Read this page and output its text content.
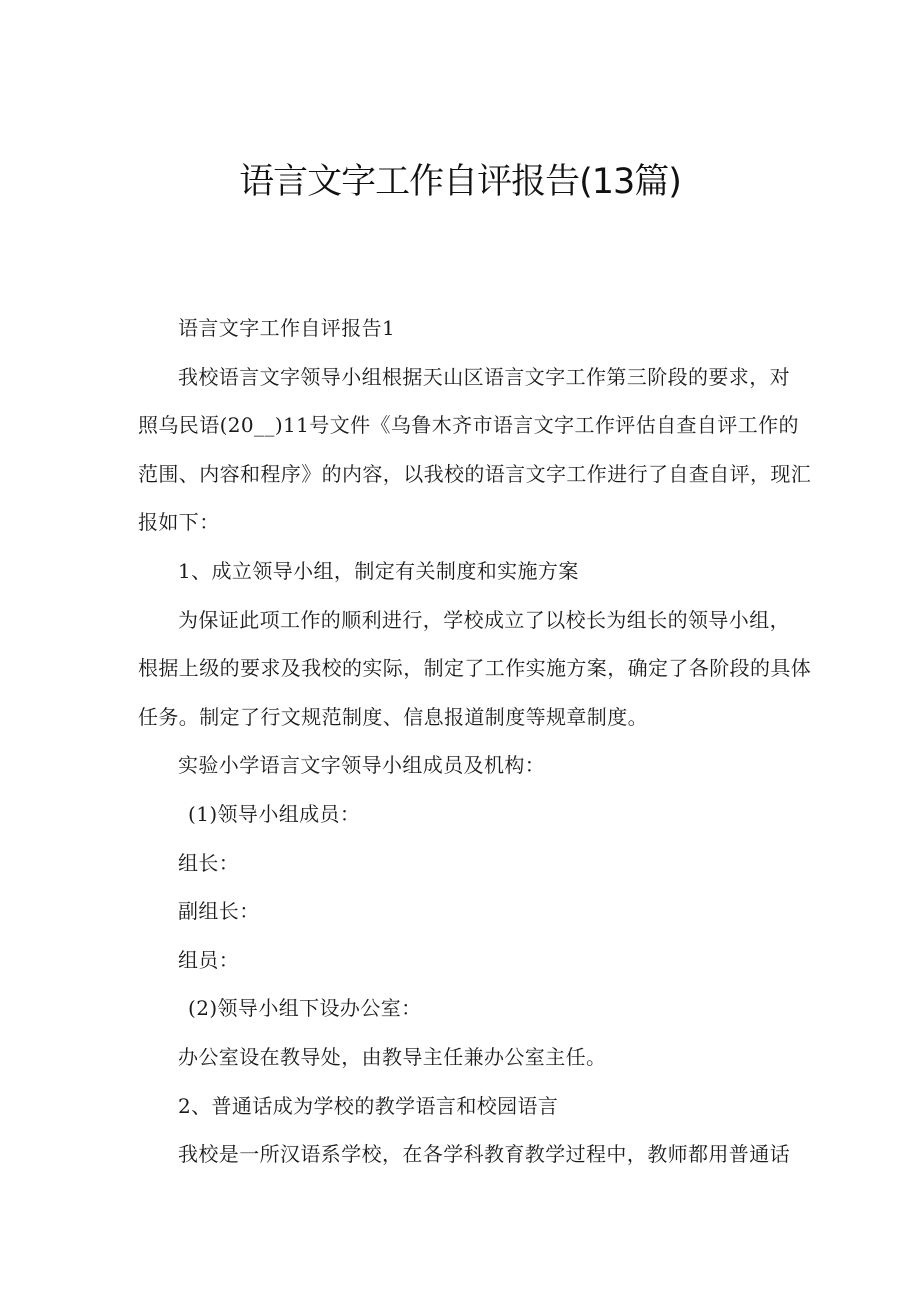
语言文字工作自评报告(13篇)

语言文字工作自评报告1

我校语言文字领导小组根据天山区语言文字工作第三阶段的要求，对

照乌民语(20__)11号文件《乌鲁木齐市语言文字工作评估自查自评工作的

范围、内容和程序》的内容，以我校的语言文字工作进行了自查自评，现汇

报如下：

1、成立领导小组，制定有关制度和实施方案

为保证此项工作的顺利进行，学校成立了以校长为组长的领导小组，

根据上级的要求及我校的实际，制定了工作实施方案，确定了各阶段的具体

任务。制定了行文规范制度、信息报道制度等规章制度。

实验小学语言文字领导小组成员及机构：

(1)领导小组成员：

组长：

副组长：

组员：

(2)领导小组下设办公室：

办公室设在教导处，由教导主任兼办公室主任。

2、普通话成为学校的教学语言和校园语言

我校是一所汉语系学校，在各学科教育教学过程中，教师都用普通话
